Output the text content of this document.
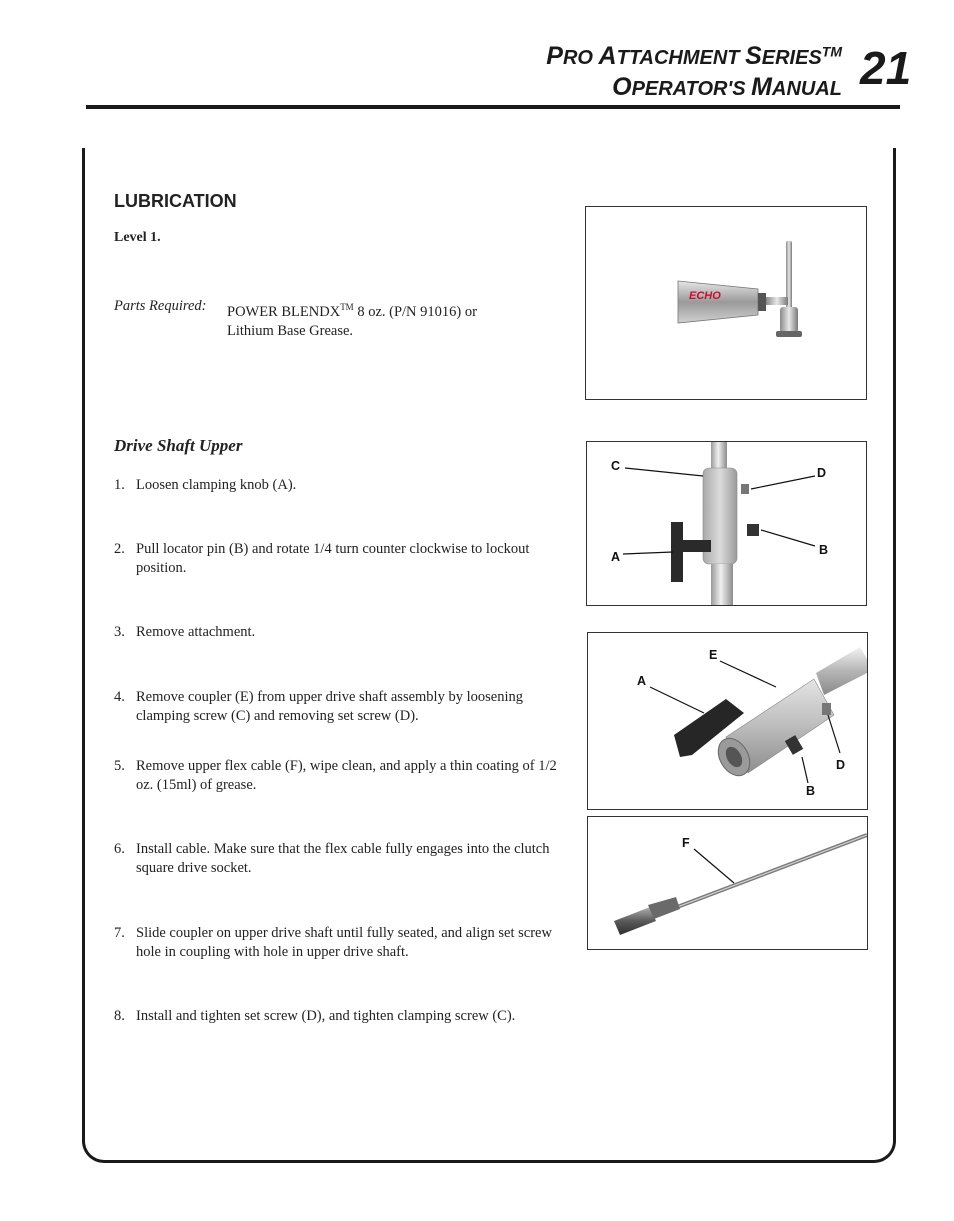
PRO ATTACHMENT SERIES™
OPERATOR'S MANUAL 21
LUBRICATION
Level 1.
Parts Required: POWER BLENDX™ 8 oz. (P/N 91016) or
Lithium Base Grease.
Drive Shaft Upper
1. Loosen clamping knob (A).
2. Pull locator pin (B) and rotate 1/4 turn counter clockwise to lockout position.
3. Remove attachment.
4. Remove coupler (E) from upper drive shaft assembly by loosening clamping screw (C) and removing set screw (D).
5. Remove upper flex cable (F), wipe clean, and apply a thin coating of 1/2 oz. (15ml) of grease.
6. Install cable. Make sure that the flex cable fully engages into the clutch square drive socket.
7. Slide coupler on upper drive shaft until fully seated, and align set screw hole in coupling with hole in upper drive shaft.
8. Install and tighten set screw (D), and tighten clamping screw (C).
ECHO
C	D
A	B
E
A
D
B
F
